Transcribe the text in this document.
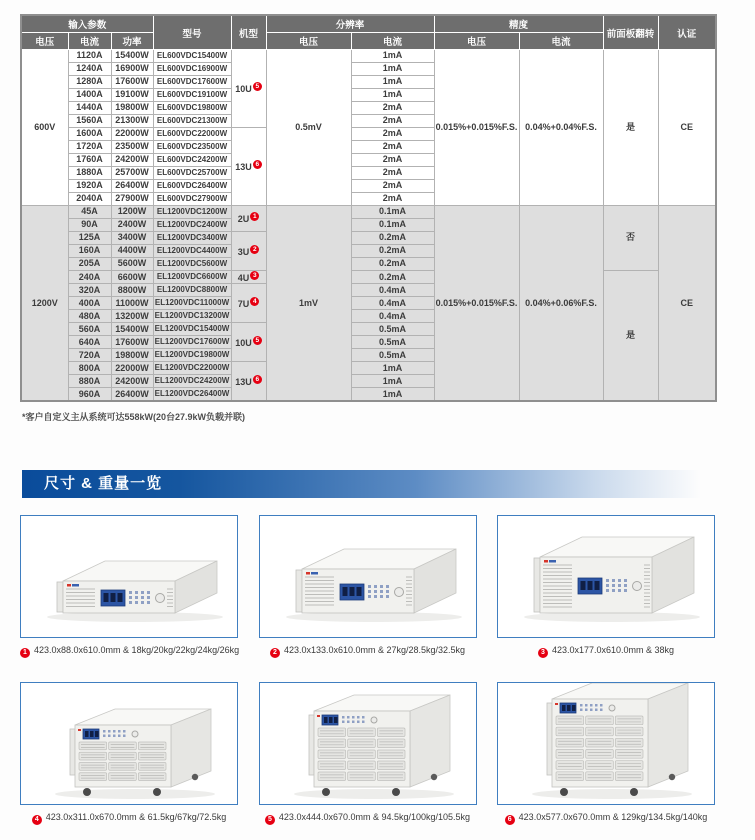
输入参数			型号	机型	分辨率		精度		前面板翻转	认证
电压	电流	功率			电压	电流	电压	电流		
600V	1120A	15400W	EL600VDC15400W	10U 5	0.5mV	1mA	0.015%+0.015%F.S.	0.04%+0.04%F.S.	是	CE
	1240A	16900W	EL600VDC16900W			1mA				
	1280A	17600W	EL600VDC17600W			1mA				
	1400A	19100W	EL600VDC19100W			1mA				
	1440A	19800W	EL600VDC19800W			2mA				
	1560A	21300W	EL600VDC21300W			2mA				
	1600A	22000W	EL600VDC22000W	13U 6		2mA				
	1720A	23500W	EL600VDC23500W			2mA				
	1760A	24200W	EL600VDC24200W			2mA				
	1880A	25700W	EL600VDC25700W			2mA				
	1920A	26400W	EL600VDC26400W			2mA				
	2040A	27900W	EL600VDC27900W			2mA				
1200V	45A	1200W	EL1200VDC1200W	2U 1	1mV	0.1mA	0.015%+0.015%F.S.	0.04%+0.06%F.S.	否	CE
	90A	2400W	EL1200VDC2400W			0.1mA				
	125A	3400W	EL1200VDC3400W	3U 2		0.2mA				
	160A	4400W	EL1200VDC4400W			0.2mA				
	205A	5600W	EL1200VDC5600W			0.2mA				
	240A	6600W	EL1200VDC6600W	4U 3		0.2mA			是	
	320A	8800W	EL1200VDC8800W	7U 4		0.4mA				
	400A	11000W	EL1200VDC11000W			0.4mA				
	480A	13200W	EL1200VDC13200W			0.4mA				
	560A	15400W	EL1200VDC15400W	10U 5		0.5mA				
	640A	17600W	EL1200VDC17600W			0.5mA				
	720A	19800W	EL1200VDC19800W			0.5mA				
	800A	22000W	EL1200VDC22000W	13U 6		1mA				
	880A	24200W	EL1200VDC24200W			1mA				
	960A	26400W	EL1200VDC26400W			1mA				
*客户自定义主从系统可达558kW(20台27.9kW负载并联)
尺寸 & 重量一览
1 423.0x88.0x610.0mm & 18kg/20kg/22kg/24kg/26kg	2 423.0x133.0x610.0mm & 27kg/28.5kg/32.5kg	3 423.0x177.0x610.0mm & 38kg
4 423.0x311.0x670.0mm & 61.5kg/67kg/72.5kg	5 423.0x444.0x670.0mm & 94.5kg/100kg/105.5kg	6 423.0x577.0x670.0mm & 129kg/134.5kg/140kg
